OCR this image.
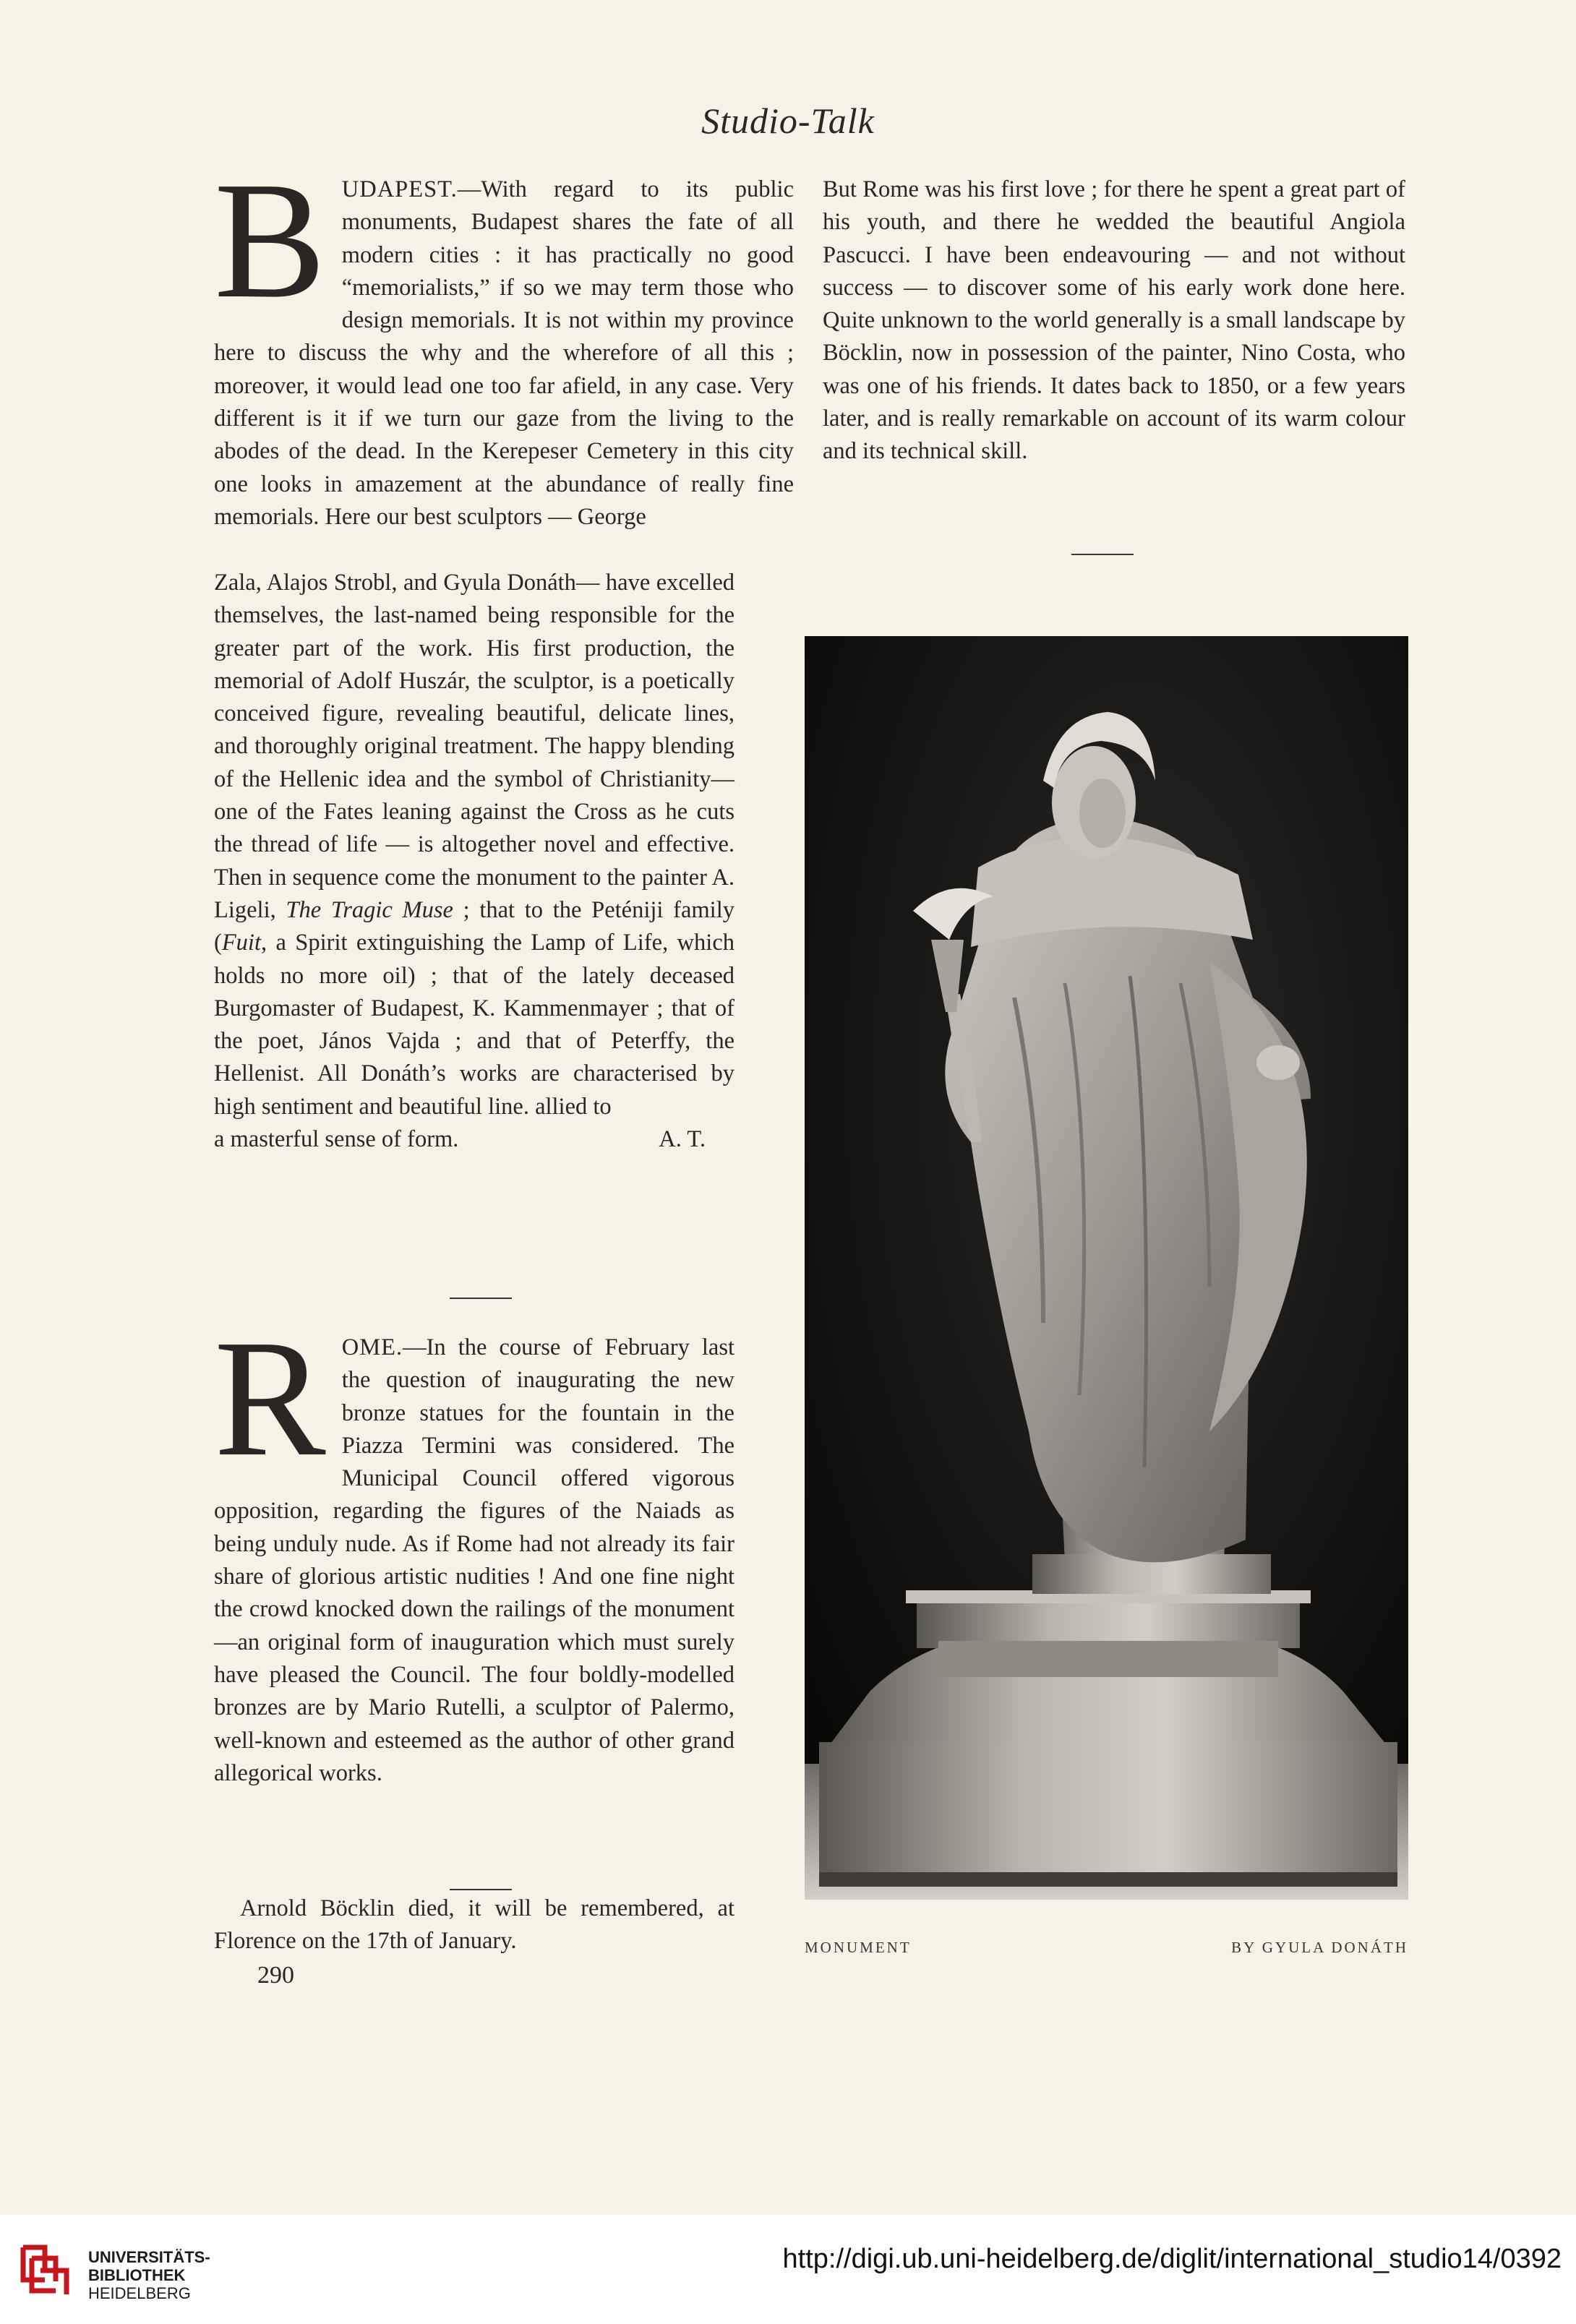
Studio-Talk

B UDAPEST.—With regard to its public monuments, Budapest shares the fate of all modern cities : it has practically no good “memorialists,” if so we may term those who design memorials. It is not within my province here to discuss the why and the wherefore of all this ; moreover, it would lead one too far afield, in any case. Very different is it if we turn our gaze from the living to the abodes of the dead. In the Kerepeser Cemetery in this city one looks in amazement at the abundance of really fine memorials. Here our best sculptors — George

Zala, Alajos Strobl, and Gyula Donáth— have excelled themselves, the last-named being responsible for the greater part of the work. His first production, the memorial of Adolf Huszár, the sculptor, is a poetically conceived figure, revealing beautiful, delicate lines, and thoroughly original treatment. The happy blending of the Hellenic idea and the symbol of Christianity—one of the Fates leaning against the Cross as he cuts the thread of life — is altogether novel and effective. Then in sequence come the monument to the painter A. Ligeli, The Tragic Muse ; that to the Peténiji family (Fuit, a Spirit extinguishing the Lamp of Life, which holds no more oil) ; that of the lately deceased Burgomaster of Budapest, K. Kammenmayer ; that of the poet, János Vajda ; and that of Peterffy, the Hellenist. All Donáth’s works are characterised by high sentiment and beautiful line. allied to

a masterful sense of form.	A. T.

R OME.—In the course of February last the question of inaugurating the new bronze statues for the fountain in the Piazza Termini was considered. The Municipal Council offered vigorous opposition, regarding the figures of the Naiads as being unduly nude. As if Rome had not already its fair share of glorious artistic nudities ! And one fine night the crowd knocked down the railings of the monument—an original form of inauguration which must surely have pleased the Council. The four boldly-modelled bronzes are by Mario Rutelli, a sculptor of Palermo, well-known and esteemed as the author of other grand allegorical works.

Arnold Böcklin died, it will be remembered, at Florence on the 17th of January.
290

But Rome was his first love ; for there he spent a great part of his youth, and there he wedded the beautiful Angiola Pascucci. I have been endeavouring — and not without success — to discover some of his early work done here. Quite unknown to the world generally is a small landscape by Böcklin, now in possession of the painter, Nino Costa, who was one of his friends. It dates back to 1850, or a few years later, and is really remarkable on account of its warm colour and its technical skill.

MONUMENT	BY GYULA DONÁTH
UNIVERSITÄTS-
BIBLIOTHEK
HEIDELBERG
http://digi.ub.uni-heidelberg.de/diglit/international_studio14/0392
